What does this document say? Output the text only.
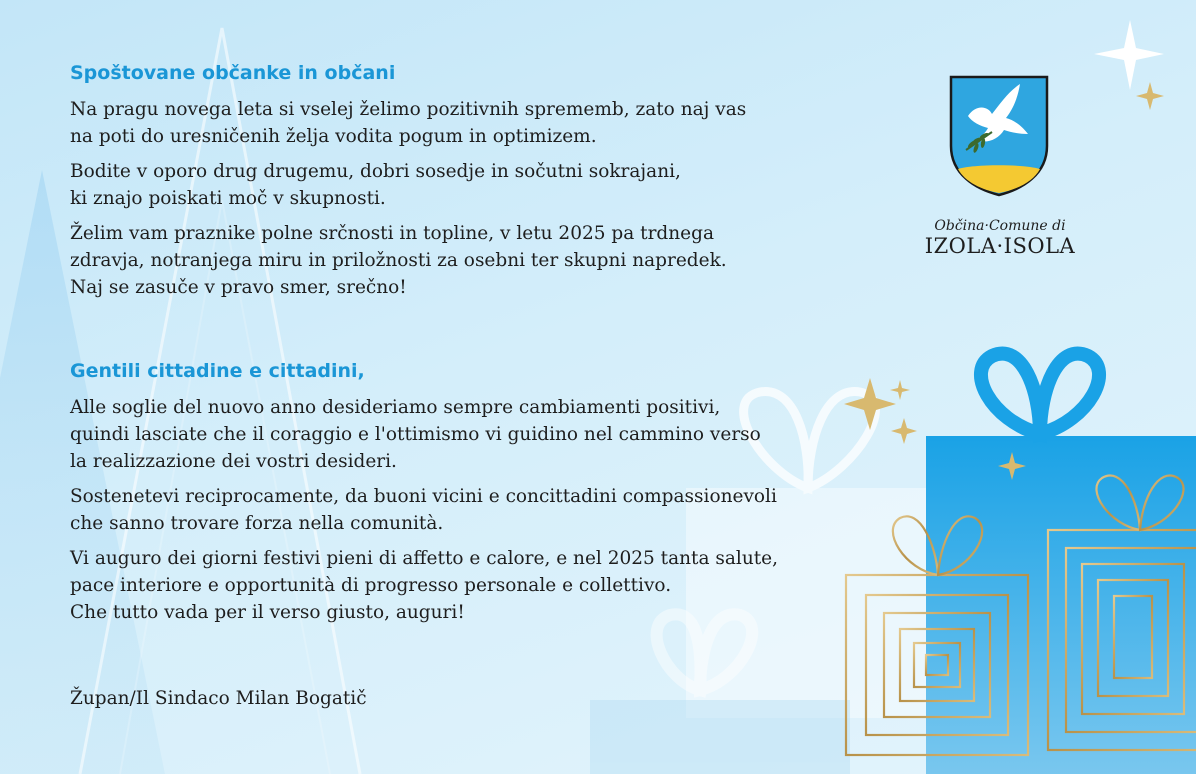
Spoštovane občanke in občani

Na pragu novega leta si vselej želimo pozitivnih sprememb, zato naj vas
na poti do uresničenih želja vodita pogum in optimizem.

Bodite v oporo drug drugemu, dobri sosedje in sočutni sokrajani,
ki znajo poiskati moč v skupnosti.

Želim vam praznike polne srčnosti in topline, v letu 2025 pa trdnega
zdravja, notranjega miru in priložnosti za osebni ter skupni napredek.
Naj se zasuče v pravo smer, srečno!

Gentili cittadine e cittadini,

Alle soglie del nuovo anno desideriamo sempre cambiamenti positivi,
quindi lasciate che il coraggio e l'ottimismo vi guidino nel cammino verso
la realizzazione dei vostri desideri.

Sostenetevi reciprocamente, da buoni vicini e concittadini compassionevoli
che sanno trovare forza nella comunità.

Vi auguro dei giorni festivi pieni di affetto e calore, e nel 2025 tanta salute,
pace interiore e opportunità di progresso personale e collettivo.
Che tutto vada per il verso giusto, auguri!

Župan/Il Sindaco Milan Bogatič
Občina·Comune di
IZOLA·ISOLA
